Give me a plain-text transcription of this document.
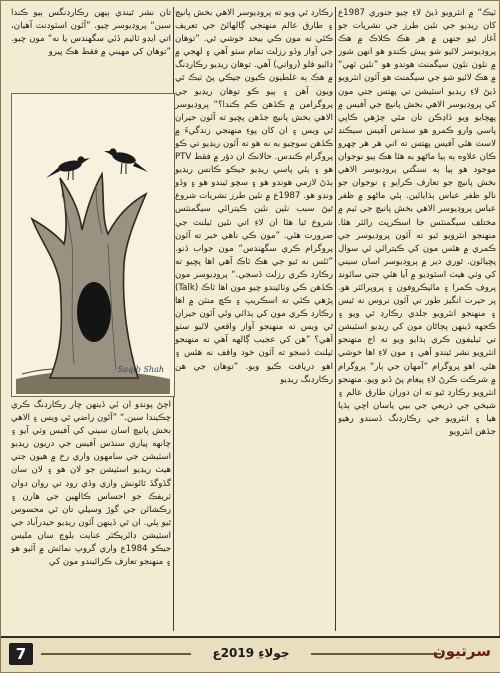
ٽيڪ“ ۾ انٽرويو ڏيڻ لاءِ چيو جنوري 1987ع کان ريڊيو جي نئين طرز جي نشريات جو آغاز ٿيو جنهن ۾ هر هڪ ڪلاڪ ۾ هڪ پروڊيوسر لائيو شو پيش ڪندو هو انهن شوز ۾ نئون نئون سيگمنٽ هوندو هو ”نئين ٽهي“ ۾ هڪ لائيو شو جي سيگمنٽ هو آئون انٽرويو ڏيڻ لاءِ ريڊيو اسٽيشن تي پهتس جتي مون کي پروڊيوسر الاهي بخش پانيچ جي آفيس ۾ پهچايو ويو ڏاڍڪن تان مٿي چڙهي ڪاپي پاسي وارو ڪمرو هو سنڌس آفيس سيڪنڊ لاسٽ هئي آفيس پهتس ته اتي هر هر چهرو ڪان علاوه ٻه ٻيا ماڻهو به هئا هڪ ٻيو نوجوان موجود هو ٻيا ٻه سنگتي پروڊيوسر الاهي بخش پانيچ جو تعارف ڪرايو ۽ نوجوان جو نالو ظفر عباس ٻڌايائين. ٻئي ماڻهو ۾ ظفر عباس پروڊيوسر الاهي بخش پانيچ جي ٽيم ۾ مختلف سيگمنٽس جا اسڪرپٽ رائٽر هئا. منهنجو انٽرويو ٿيو ته آئون پروڊيوسر جي ڪمري ۾ هئس مون کي ڪيترائي ئي سوال پڇيائون. ٿوري دير ۾ پروڊيوسر اسان سيني کي وٺي هيٺ اسٽوڊيو ۾ آيا هئي جتي سائونڊ پروف ڪمرا ۽ مائيڪروفون ۽ پروپرائٽر هو. پر حيرت انگيز طور تي آئون نروس نه ٿيس ۽ منهنجو انٽرويو جلدي رڪارڊ ٿي ويو ۽ ڪجهه ڏينهن پڄاڻان مون کي ريڊيو اسٽيشن تي ٽيليفون ڪري ٻڌايو ويو ته اڄ منهنجو انٽرويو نشر ٿيندو آهي ۽ مون لاءِ اها خوشي هئي. اهو پروگرام ”آمهان جي ٻار“ پروگرام ۾ شرڪت ڪرڻ لاءِ پيغام پڻ ڏنو ويو. منهنجو انٽرويو رڪارڊ ٿيو ته ان دوران طارق عالم ۽ شيخي جي ذريعي جي بيي ياسان اچي ٻڌيا هيا ۽ انٽرويو جي رڪارڊنگ ڏسندو رهيو جڏهن انٽرويو

رڪارڊ ٿي ويو ته پروڊيوسر الاهي بخش پانيچ ۽ طارق عالم منهنجي ڳالهائڻ جي تعريف ڪئي ته مون ڪي بيحد خوشي ٿي. ”توهان جي آواز وڏو رزلٽ تمام سٺو آهي ۽ لهجي ۾ ڊائيو فلو (رواني) آهي. توهان ريڊيو رڪارڊنگ ۾ هڪ ٻه غلطيون ڪيون جيڪي پڻ ٺيڪ ٿي ويون آهن ۽ ٻيو ڪو توهان ريڊيو جي پروگرامن ۾ ڪڏهن ڪم ڪندا؟“ پروڊيوسر الاهي بخش پانيچ جڏهن پڇيو ته آئون حيران ٿي ويس ۽ ان کان پوءِ منهنجي زندگيءَ ۾ ڪڏهن سوچيو به نه هو ته آئون ريڊيو تي ڪو پروگرام ڪندس. حالانڪ ان دؤر ۾ فقط PTV هو ۽ ٻئي پاسي ريڊيو جيڪو ڪانس ريڊيو ٻڌڻ لازمي هوندو هو ۽ سچو ٿيندو هو ۽ وڏو ونڊو هو. 1987ع ۾ نئين طرز نشريات شروع ٿيڻ سبب نئين نئين ڪيترائي سيگمنٽس شروع ٿيا هئا ان لاءِ اتي نئين ٽيلنٽ جي ضرورت هئي. ”مون ڪي ناهي خبر ته آئون پروگرام ڪري سگهندس“ مون جواب ڏنو. ”ٽئس نه ٿيو جي هڪ ٽاڪ آهي اها پڇيو ته رڪارڊ ڪري رزلٽ ڏسجي.“ پروڊيوسر مون ڪڏهن ڪي وٺائيندو چيو مون اها ٽاڪ (Talk) پڙهي ڪئي ته اسڪريپ ۽ ڪڇ منٽن ۾ اها رڪارڊ ڪري مون کي ٻڌائي وئي آئون حيران ٿي ويس ته منهنجو آواز واقعي لائيو سٺو آهي؟ ”هن کي عجيب ڳالهه آهي ته منهنجو ٽيلنٽ ڏسجو ته آئون خود واقف نه هئس ۽ اهو دريافت ڪيو ويو. ”توهان جي هن رڪارڊنگ ريڊيو

تان نشر ٿيندي ٻيهن رڪارڊنگس ٻيو ڪندا سين“ پروڊيوسر چيو. ”آئون اسٽوڊنٽ آهيان، اتي ايڊو ٽائيم ڏئي سگهندس يا نه“ مون چيو. ”توهان کي مهيني ۾ فقط هڪ پيرو

Saqib Shah

اچڻ پوندو ان ئي ڏينهن چار رڪارڊنگ ڪري چڪيندا سين.“ ”آئون راضي ٿي ويس ۽ الاهي بخش پانيچ اسان سيني کي آفيس وٺي آيو ۽ چانهه پياري سنڌس آفيس جي دريون ريڊيو اسٽيشن جي سامهون واري رخ ۾ هيون جتي هيٺ ريڊيو اسٽيشن جو لان هو ۽ لان سان گڏوگڏ ٽائونش واري وڏي روڊ تي روان دوان ٽريفڪ جو احساس ڪالهين جي هارن ۽ رڪشائن جي گوڙ وسيلي تان ٿي محسوس ٿيو پئي. ان ٿي ڏينهن آئون ريڊيو حيدرآباد جي اسٽيشن ڊائريڪٽر عنايت بلوچ سان مليس جيڪو 1984ع واري گروپ نمائش ۾ آئيو هو ۽ منهنجو تعارف ڪرائيندو مون کي

7	جولاءِ 2019ع	سرتيون
